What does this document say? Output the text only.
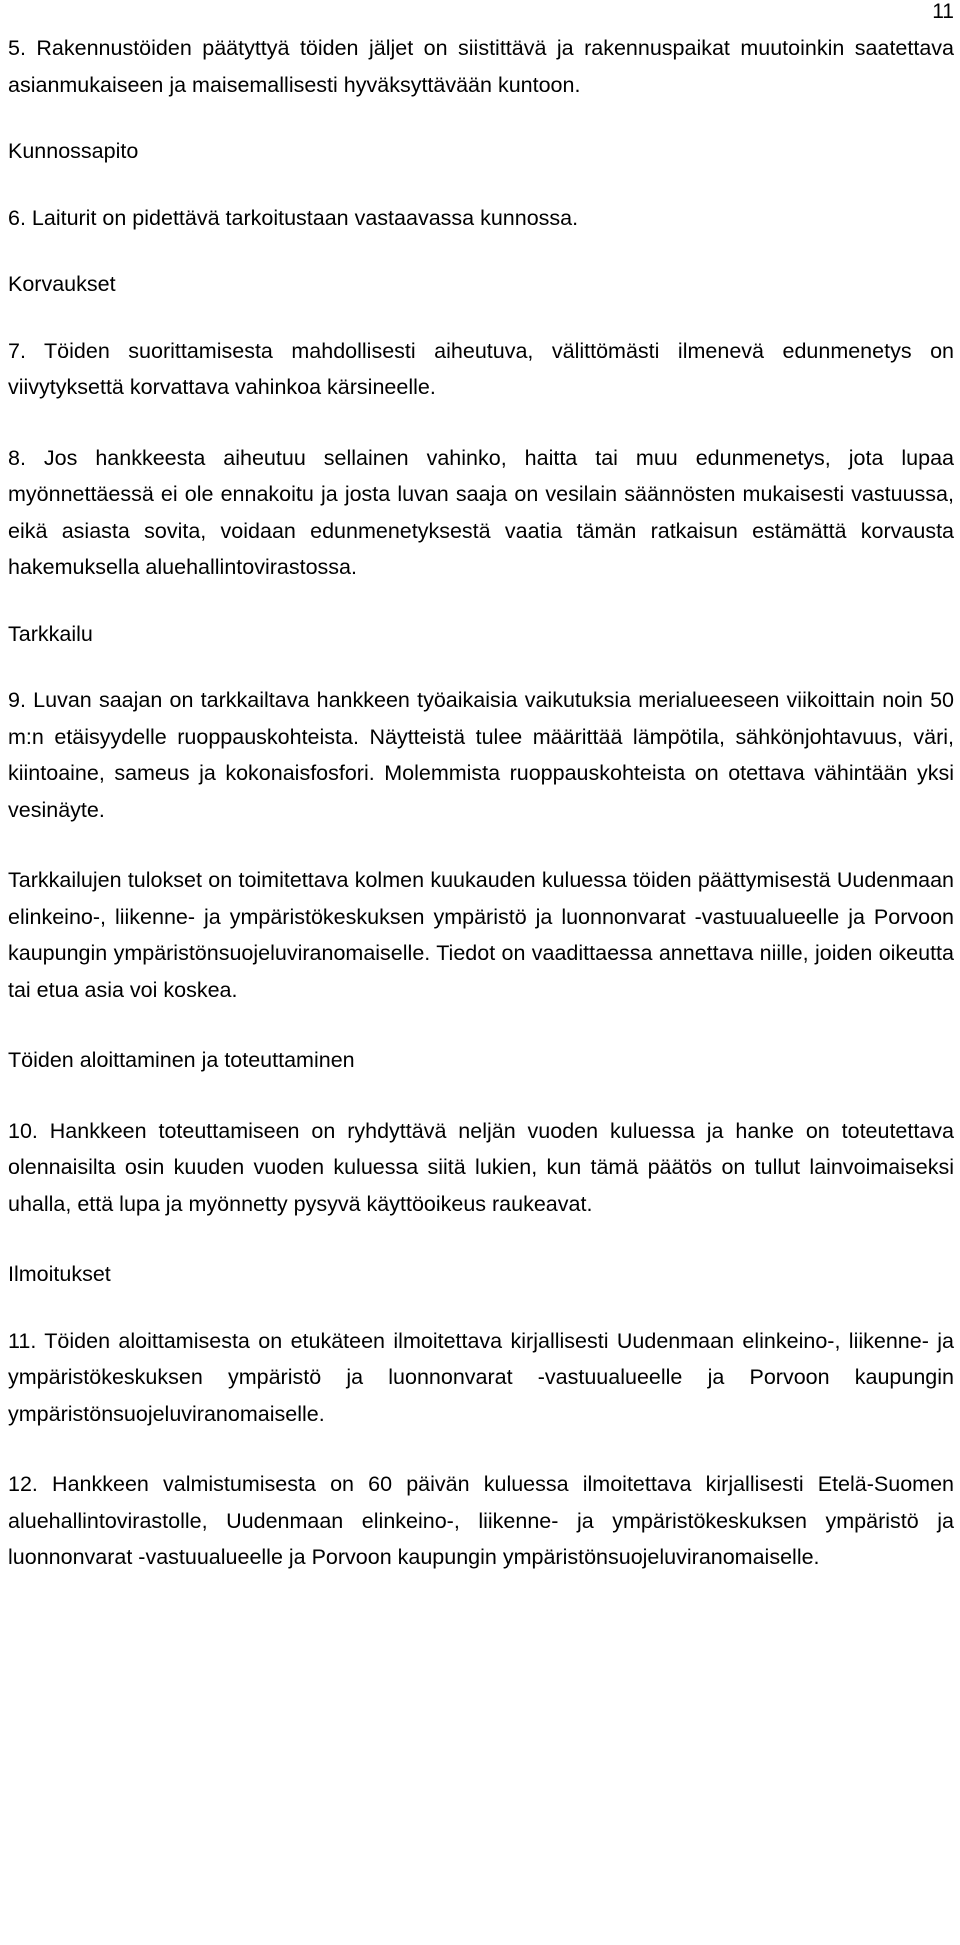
11

5. Rakennustöiden päätyttyä töiden jäljet on siistittävä ja rakennuspaikat muutoinkin saatettava asianmukaiseen ja maisemallisesti hyväksyttävään kuntoon.

Kunnossapito

6. Laiturit on pidettävä tarkoitustaan vastaavassa kunnossa.

Korvaukset

7. Töiden suorittamisesta mahdollisesti aiheutuva, välittömästi ilmenevä edunmenetys on viivytyksettä korvattava vahinkoa kärsineelle.

8. Jos hankkeesta aiheutuu sellainen vahinko, haitta tai muu edunmenetys, jota lupaa myönnettäessä ei ole ennakoitu ja josta luvan saaja on vesilain säännösten mukaisesti vastuussa, eikä asiasta sovita, voidaan edunmenetyksestä vaatia tämän ratkaisun estämättä korvausta hakemuksella aluehallintovirastossa.

Tarkkailu

9. Luvan saajan on tarkkailtava hankkeen työaikaisia vaikutuksia merialueeseen viikoittain noin 50 m:n etäisyydelle ruoppauskohteista. Näytteistä tulee määrittää lämpötila, sähkönjohtavuus, väri, kiintoaine, sameus ja kokonaisfosfori. Molemmista ruoppauskohteista on otettava vähintään yksi vesinäyte.

Tarkkailujen tulokset on toimitettava kolmen kuukauden kuluessa töiden päättymisestä Uudenmaan elinkeino-, liikenne- ja ympäristökeskuksen ympäristö ja luonnonvarat -vastuualueelle ja Porvoon kaupungin ympäristönsuojeluviranomaiselle. Tiedot on vaadittaessa annettava niille, joiden oikeutta tai etua asia voi koskea.

Töiden aloittaminen ja toteuttaminen

10. Hankkeen toteuttamiseen on ryhdyttävä neljän vuoden kuluessa ja hanke on toteutettava olennaisilta osin kuuden vuoden kuluessa siitä lukien, kun tämä päätös on tullut lainvoimaiseksi uhalla, että lupa ja myönnetty pysyvä käyttöoikeus raukeavat.

Ilmoitukset

11. Töiden aloittamisesta on etukäteen ilmoitettava kirjallisesti Uudenmaan elinkeino-, liikenne- ja ympäristökeskuksen ympäristö ja luonnonvarat -vastuualueelle ja Porvoon kaupungin ympäristönsuojeluviranomaiselle.

12. Hankkeen valmistumisesta on 60 päivän kuluessa ilmoitettava kirjallisesti Etelä-Suomen aluehallintovirastolle, Uudenmaan elinkeino-, liikenne- ja ympäristökeskuksen ympäristö ja luonnonvarat -vastuualueelle ja Porvoon kaupungin ympäristönsuojeluviranomaiselle.
